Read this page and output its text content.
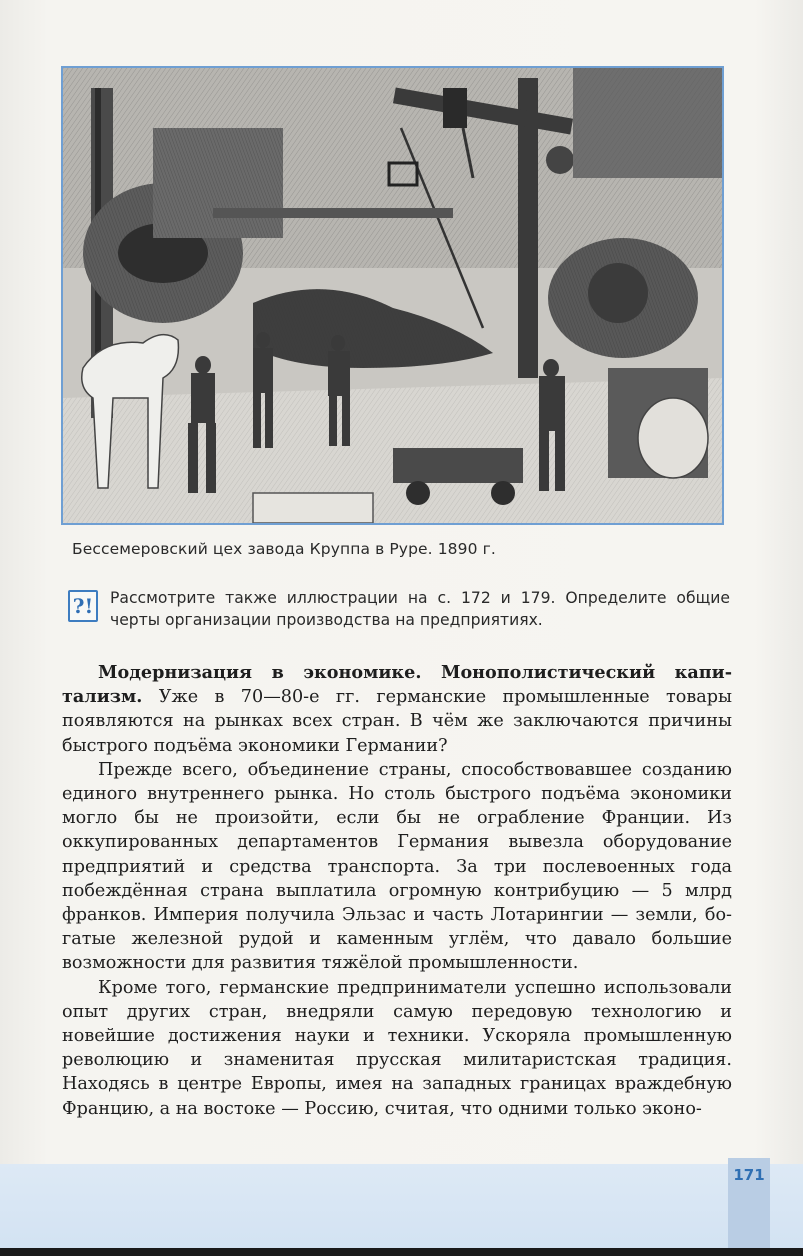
Бессемеровский цех завода Круппа в Руре. 1890 г.
?!	Рассмотрите также иллюстрации на с. 172 и 179. Определите общие черты организации производства на предприятиях.

Модернизация в экономике. Монополистический капитализм. Уже в 70—80-е гг. германские промышленные товары появляются на рынках всех стран. В чём же заключаются причины быстрого подъёма экономики Германии?

Прежде всего, объединение страны, способствовавшее созданию единого внутреннего рынка. Но столь быстрого подъёма экономики могло бы не произойти, если бы не ограбление Франции. Из оккупированных департаментов Германия вывезла оборудование предприятий и средства транспорта. За три послевоенных года побеждённая страна выплатила огромную контрибуцию — 5 млрд франков. Империя получила Эльзас и часть Лотарингии — земли, богатые железной рудой и каменным углём, что давало большие возможности для развития тяжёлой промышленности.

Кроме того, германские предприниматели успешно использовали опыт других стран, внедряли самую передовую технологию и новейшие достижения науки и техники. Ускоряла промышленную революцию и знаменитая прусская милитаристская традиция. Находясь в центре Европы, имея на западных границах враждебную Францию, а на востоке — Россию, считая, что одними только эконо-

171
